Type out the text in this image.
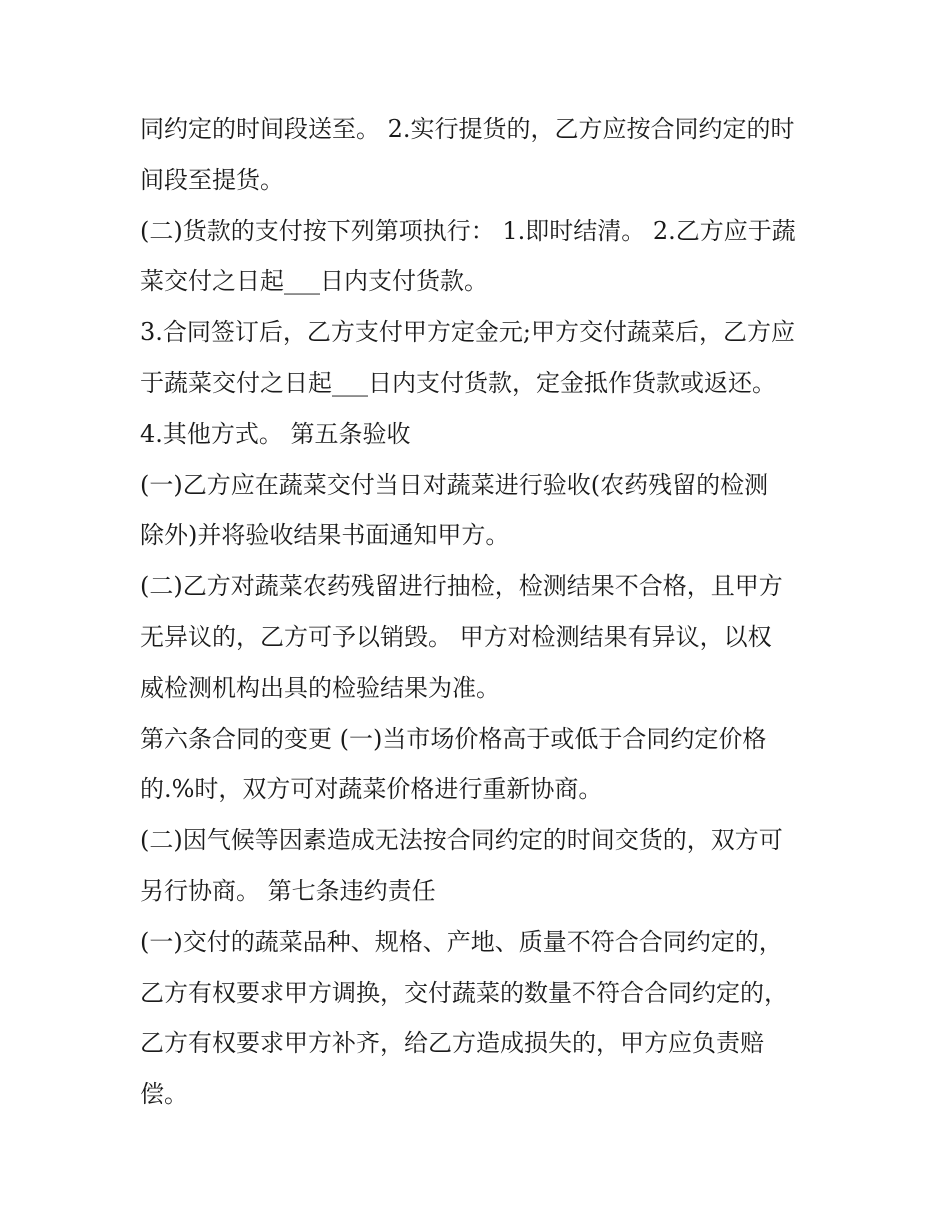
同约定的时间段送至。 2.实行提货的，乙方应按合同约定的时
间段至提货。
(二)货款的支付按下列第项执行： 1.即时结清。 2.乙方应于蔬
菜交付之日起___日内支付货款。
3.合同签订后，乙方支付甲方定金元;甲方交付蔬菜后，乙方应
于蔬菜交付之日起___日内支付货款，定金抵作货款或返还。
4.其他方式。 第五条验收
(一)乙方应在蔬菜交付当日对蔬菜进行验收(农药残留的检测
除外)并将验收结果书面通知甲方。
(二)乙方对蔬菜农药残留进行抽检，检测结果不合格，且甲方
无异议的，乙方可予以销毁。 甲方对检测结果有异议，以权
威检测机构出具的检验结果为准。
第六条合同的变更 (一)当市场价格高于或低于合同约定价格
的.%时，双方可对蔬菜价格进行重新协商。
(二)因气候等因素造成无法按合同约定的时间交货的，双方可
另行协商。 第七条违约责任
(一)交付的蔬菜品种、规格、产地、质量不符合合同约定的，
乙方有权要求甲方调换，交付蔬菜的数量不符合合同约定的，
乙方有权要求甲方补齐，给乙方造成损失的，甲方应负责赔
偿。
